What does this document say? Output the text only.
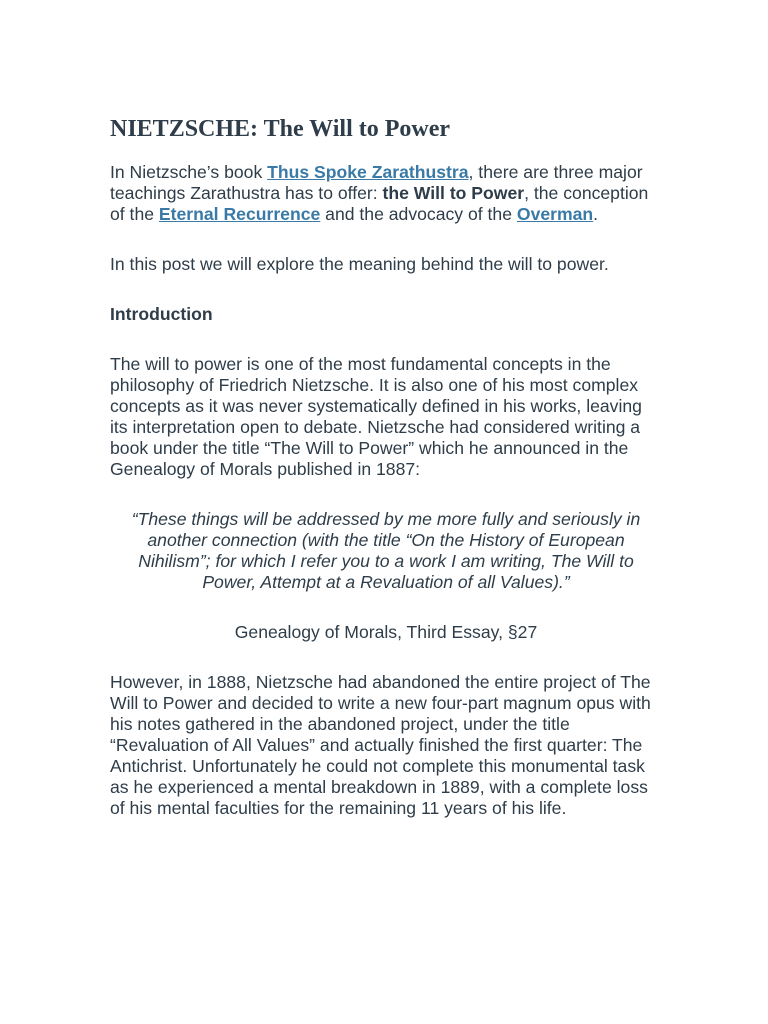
NIETZSCHE: The Will to Power

In Nietzsche’s book Thus Spoke Zarathustra, there are three major teachings Zarathustra has to offer: the Will to Power, the conception of the Eternal Recurrence and the advocacy of the Overman.

In this post we will explore the meaning behind the will to power.

Introduction

The will to power is one of the most fundamental concepts in the philosophy of Friedrich Nietzsche. It is also one of his most complex concepts as it was never systematically defined in his works, leaving its interpretation open to debate. Nietzsche had considered writing a book under the title “The Will to Power” which he announced in the Genealogy of Morals published in 1887:

“These things will be addressed by me more fully and seriously in another connection (with the title “On the History of European Nihilism”; for which I refer you to a work I am writing, The Will to Power, Attempt at a Revaluation of all Values).”

Genealogy of Morals, Third Essay, §27

However, in 1888, Nietzsche had abandoned the entire project of The Will to Power and decided to write a new four-part magnum opus with his notes gathered in the abandoned project, under the title “Revaluation of All Values” and actually finished the first quarter: The Antichrist. Unfortunately he could not complete this monumental task as he experienced a mental breakdown in 1889, with a complete loss of his mental faculties for the remaining 11 years of his life.
